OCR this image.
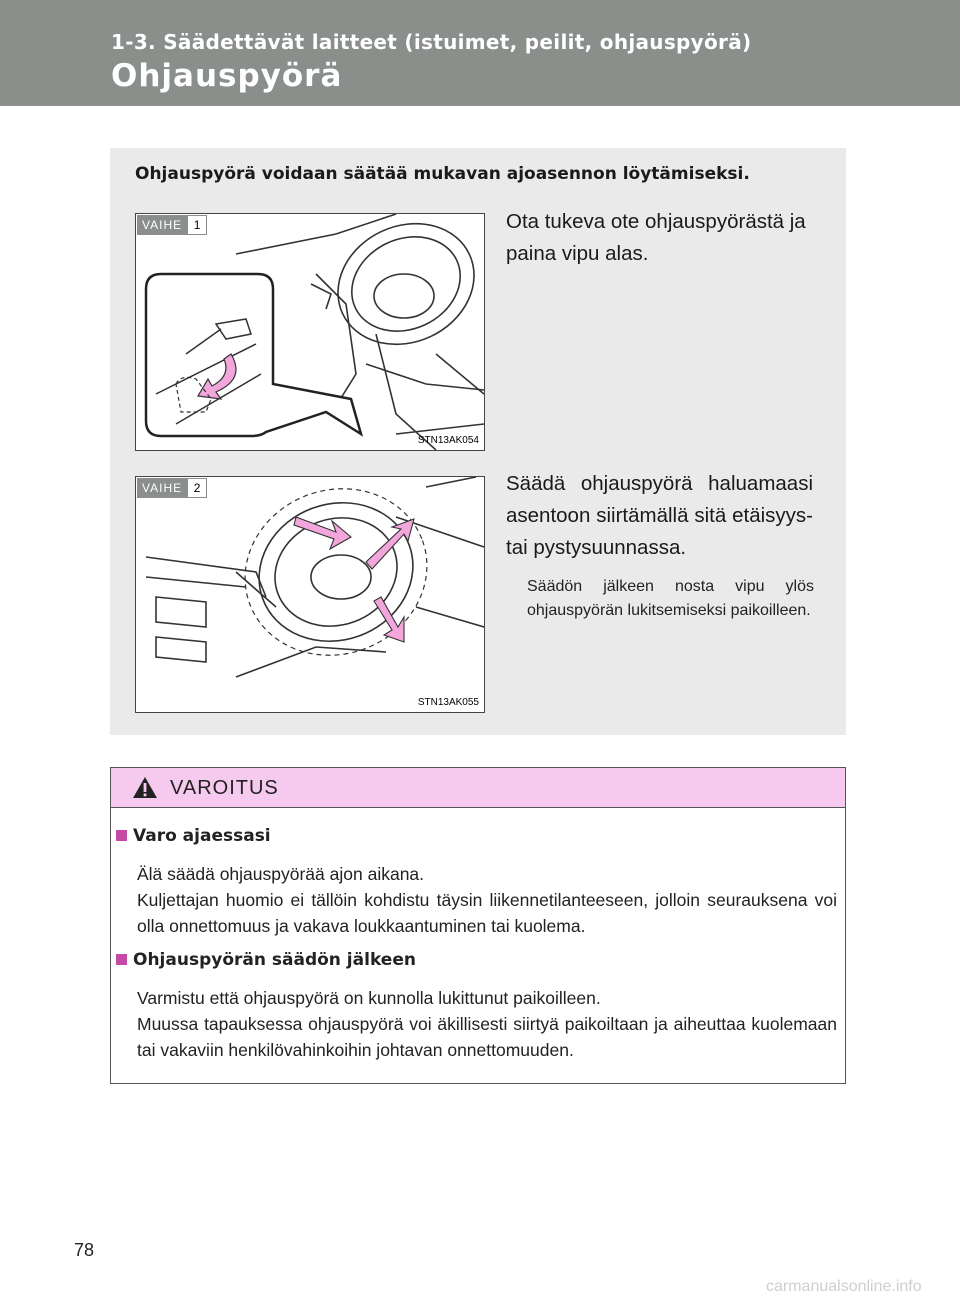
1-3. Säädettävät laitteet (istuimet, peilit, ohjauspyörä)
Ohjauspyörä
Ohjauspyörä voidaan säätää mukavan ajoasennon löytämiseksi.
VAIHE 1
STN13AK054
Ota tukeva ote ohjauspyörästä ja paina vipu alas.
VAIHE 2
STN13AK055
Säädä ohjauspyörä haluamaasi asentoon siirtämällä sitä etäisyys- tai pystysuunnassa.
Säädön jälkeen nosta vipu ylös ohjauspyörän lukitsemiseksi paikoilleen.
VAROITUS
Varo ajaessasi
Älä säädä ohjauspyörää ajon aikana.
Kuljettajan huomio ei tällöin kohdistu täysin liikennetilanteeseen, jolloin seurauksena voi olla onnettomuus ja vakava loukkaantuminen tai kuolema.
Ohjauspyörän säädön jälkeen
Varmistu että ohjauspyörä on kunnolla lukittunut paikoilleen.
Muussa tapauksessa ohjauspyörä voi äkillisesti siirtyä paikoiltaan ja aiheuttaa kuolemaan tai vakaviin henkilövahinkoihin johtavan onnettomuuden.
78
carmanualsonline.info
